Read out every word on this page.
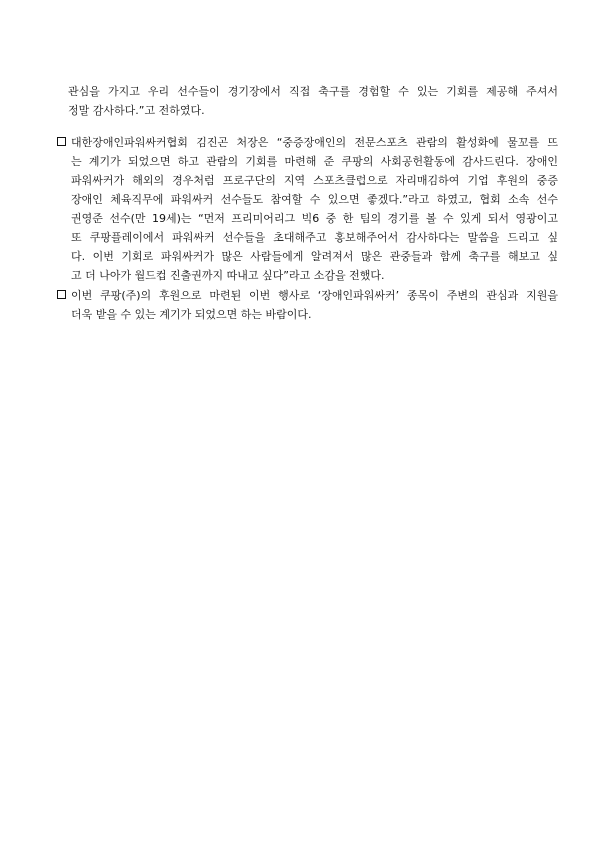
관심을 가지고 우리 선수들이 경기장에서 직접 축구를 경험할 수 있는 기회를 제공해 주셔서
정말 감사하다.”고 전하였다.
대한장애인파워싸커협회 김진곤 처장은 “중증장애인의 전문스포츠 관람의 활성화에 물꼬를 뜨
는 계기가 되었으면 하고 관람의 기회를 마련해 준 쿠팡의 사회공헌활동에 감사드린다. 장애인
파워싸커가 해외의 경우처럼 프로구단의 지역 스포츠클럽으로 자리매김하여 기업 후원의 중증
장애인 체육직무에 파워싸커 선수들도 참여할 수 있으면 좋겠다.”라고 하였고, 협회 소속 선수
권영준 선수(만 19세)는 “먼저 프리미어리그 빅6 중 한 팀의 경기를 볼 수 있게 되서 영광이고
또 쿠팡플레이에서 파워싸커 선수들을 초대해주고 홍보해주어서 감사하다는 말씀을 드리고 싶
다. 이번 기회로 파워싸커가 많은 사람들에게 알려져서 많은 관중들과 함께 축구를 해보고 싶
고 더 나아가 월드컵 진출권까지 따내고 싶다”라고 소감을 전했다.
이번 쿠팡(주)의 후원으로 마련된 이번 행사로 ‘장애인파워싸커’ 종목이 주변의 관심과 지원을
더욱 받을 수 있는 계기가 되었으면 하는 바람이다.
